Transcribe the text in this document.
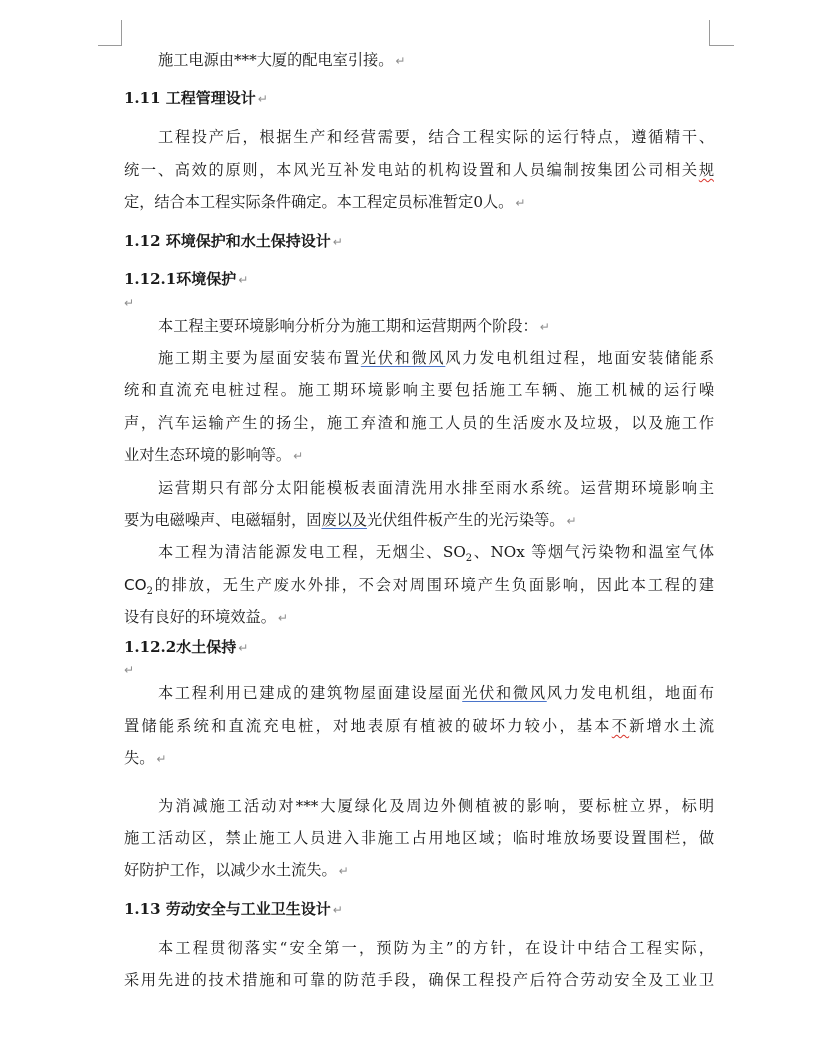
施工电源由***大厦的配电室引接。 ↵
1.11 工程管理设计 ↵
工程投产后，根据生产和经营需要，结合工程实际的运行特点，遵循精干、
统一、高效的原则，本风光互补发电站的机构设置和人员编制按集团公司相关规
定，结合本工程实际条件确定。本工程定员标准暂定0人。 ↵
1.12 环境保护和水土保持设计 ↵
1.12.1环境保护 ↵
↵
本工程主要环境影响分析分为施工期和运营期两个阶段： ↵
施工期主要为屋面安装布置光伏和微风风力发电机组过程，地面安装储能系
统和直流充电桩过程。施工期环境影响主要包括施工车辆、施工机械的运行噪
声，汽车运输产生的扬尘，施工弃渣和施工人员的生活废水及垃圾，以及施工作
业对生态环境的影响等。 ↵
运营期只有部分太阳能模板表面清洗用水排至雨水系统。运营期环境影响主
要为电磁噪声、电磁辐射，固废以及光伏组件板产生的光污染等。 ↵
本工程为清洁能源发电工程，无烟尘、$SO_2$、NOx 等烟气污染物和温室气体
$CO_2$的排放，无生产废水外排，不会对周围环境产生负面影响，因此本工程的建
设有良好的环境效益。 ↵
1.12.2水土保持 ↵
↵
本工程利用已建成的建筑物屋面建设屋面光伏和微风风力发电机组，地面布
置储能系统和直流充电桩，对地表原有植被的破坏力较小，基本不新增水土流
失。 ↵
为消减施工活动对***大厦绿化及周边外侧植被的影响，要标桩立界，标明
施工活动区，禁止施工人员进入非施工占用地区域；临时堆放场要设置围栏，做
好防护工作，以减少水土流失。 ↵
1.13 劳动安全与工业卫生设计 ↵
本工程贯彻落实“安全第一，预防为主”的方针，在设计中结合工程实际，
采用先进的技术措施和可靠的防范手段，确保工程投产后符合劳动安全及工业卫
